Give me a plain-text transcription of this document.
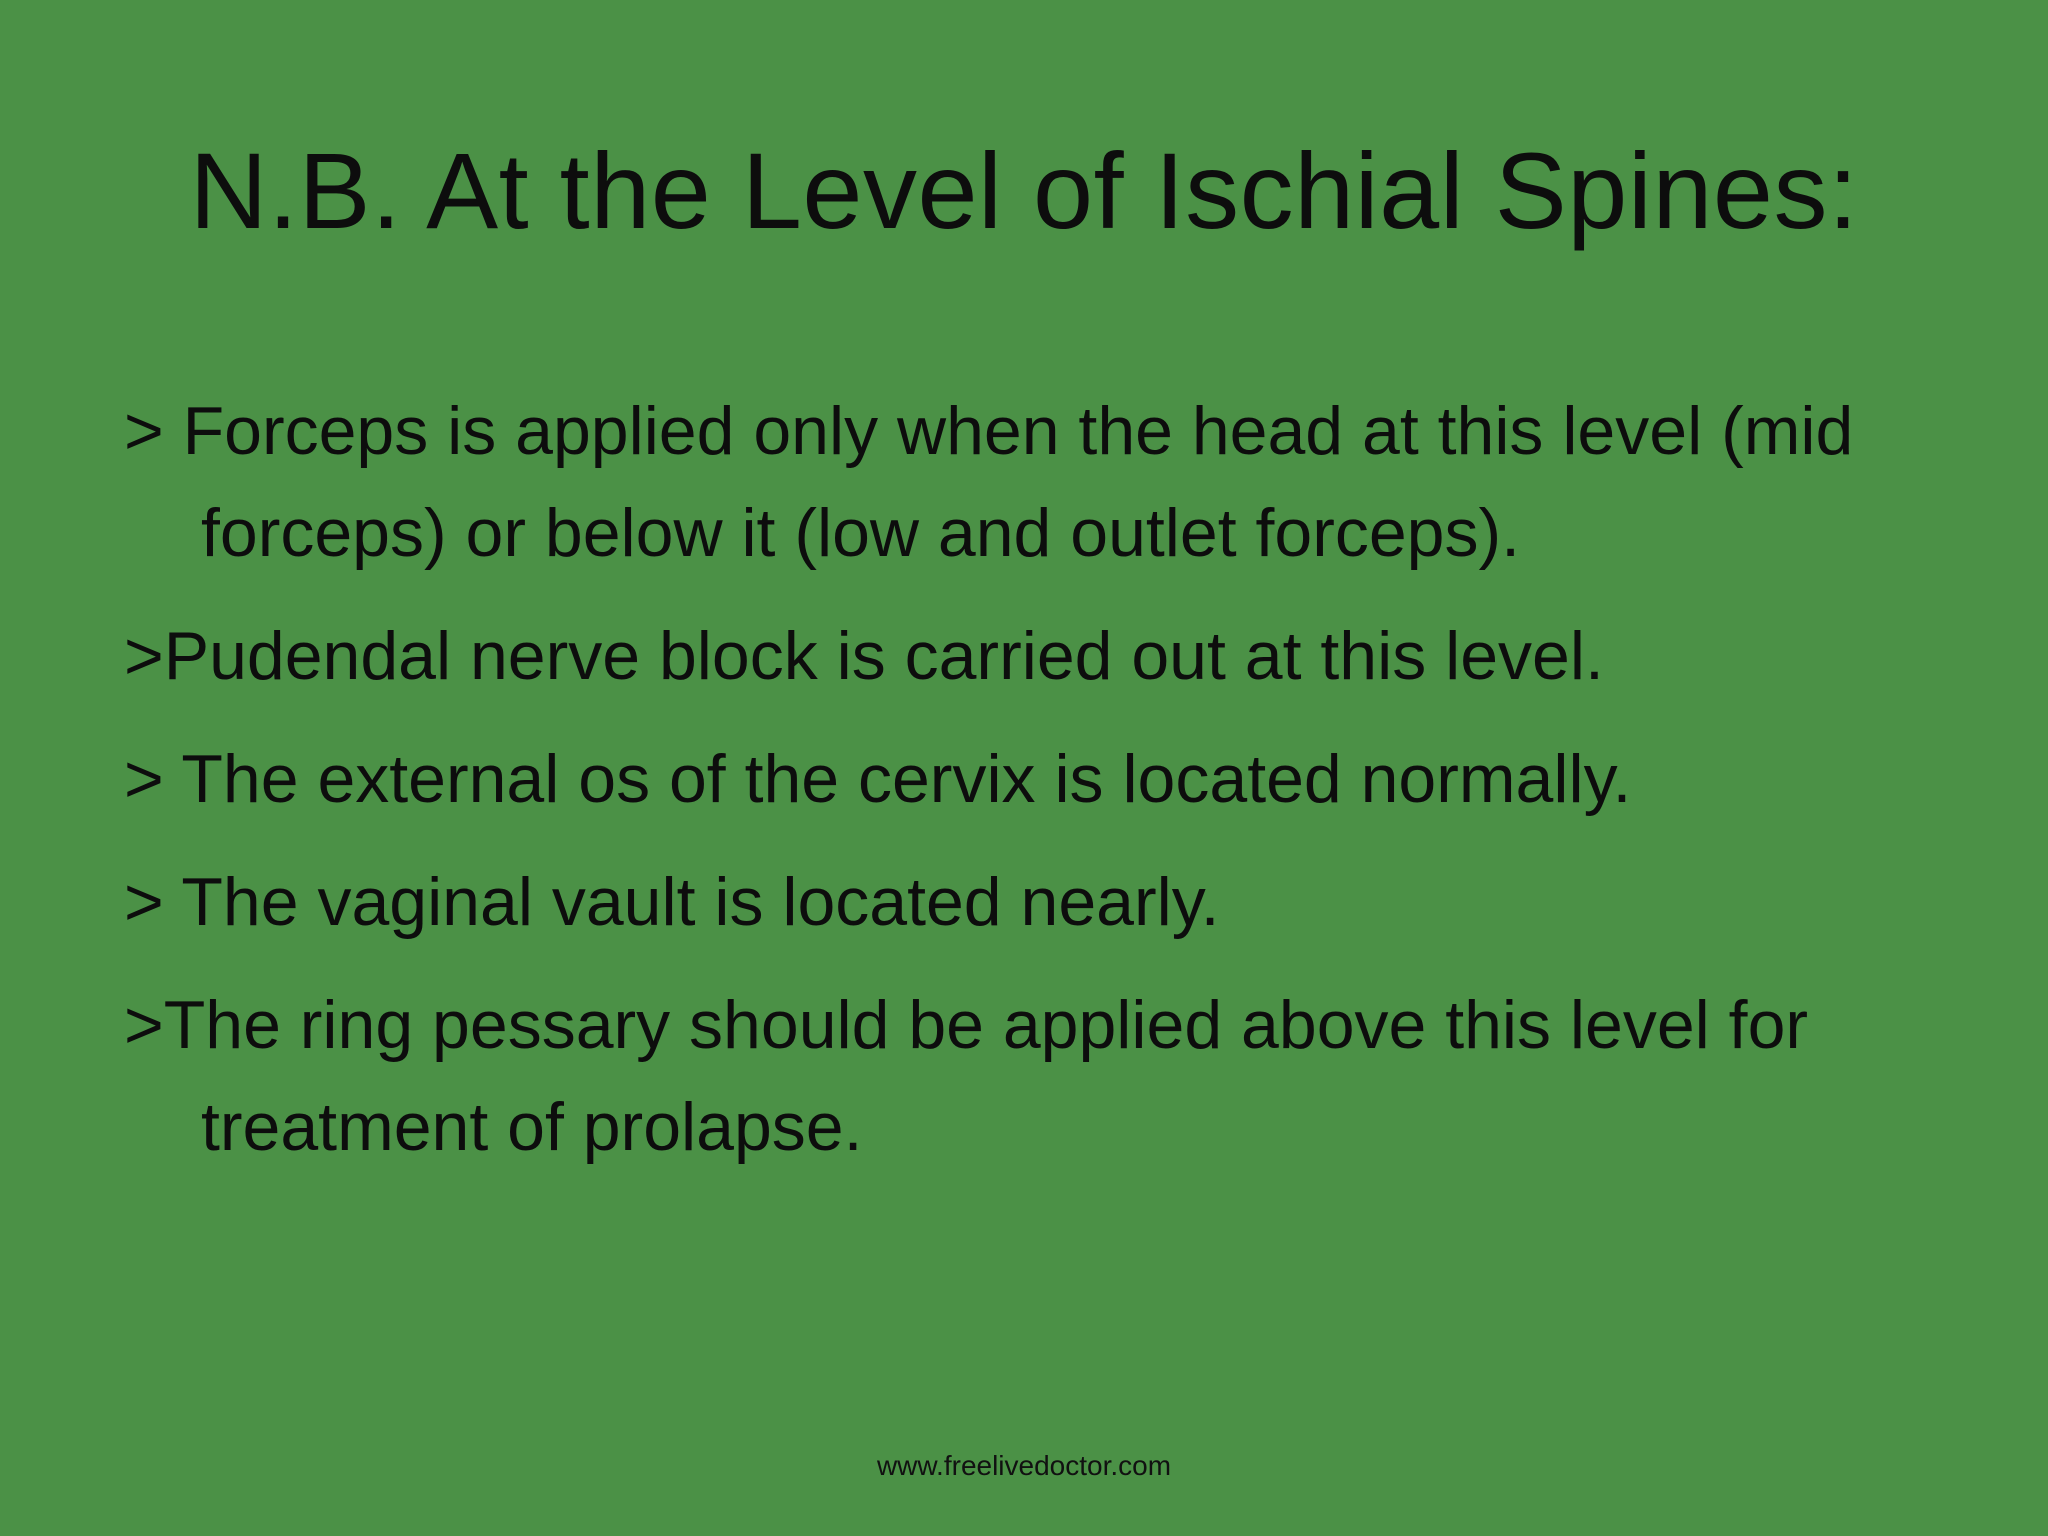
N.B. At the Level of Ischial Spines:
> Forceps is applied only when the head at this level (mid forceps) or below it (low and outlet forceps).
>Pudendal nerve block is carried out at this level.
> The external os of the cervix is located normally.
> The vaginal vault is located nearly.
>The ring pessary should be applied above this level for treatment of prolapse.
www.freelivedoctor.com
